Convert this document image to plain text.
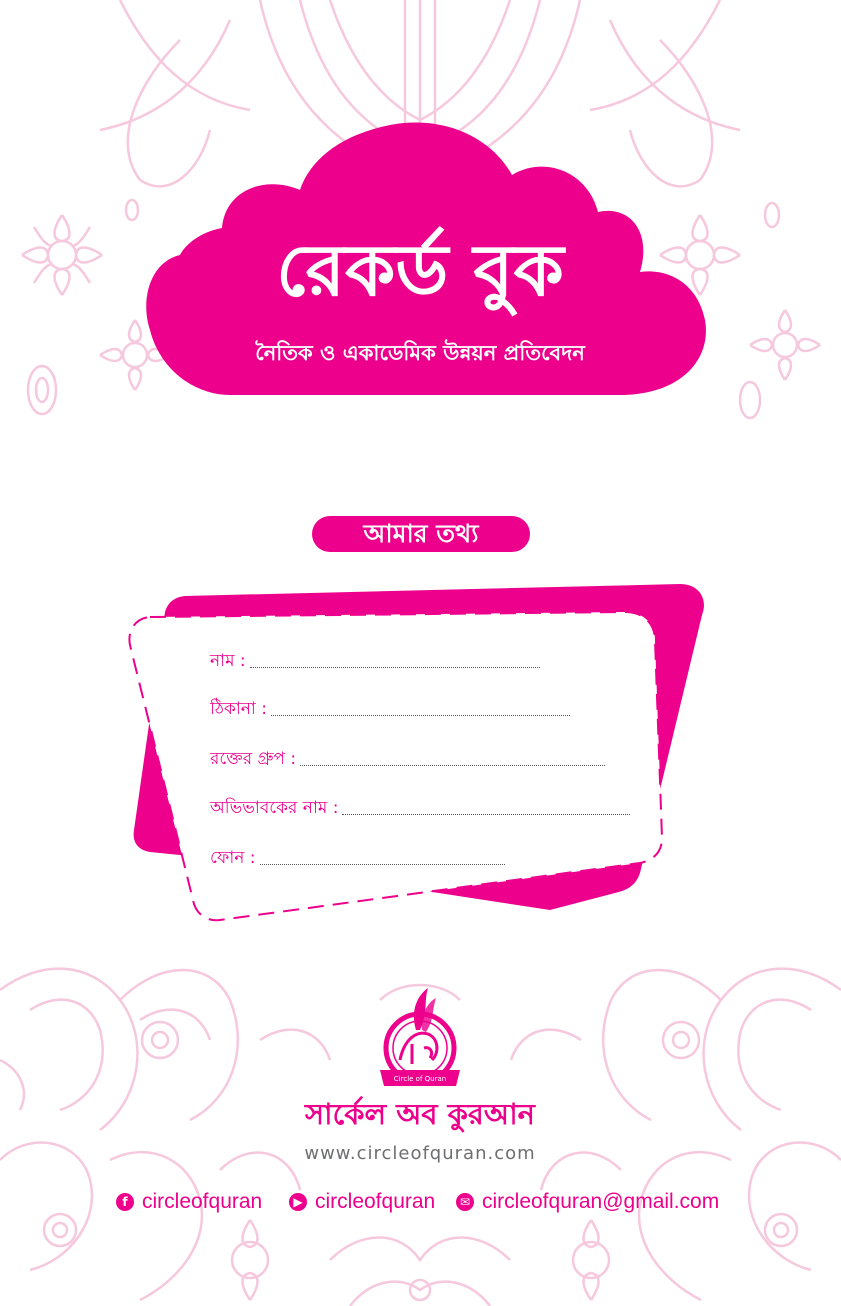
রেকর্ড বুক
নৈতিক ও একাডেমিক উন্নয়ন প্রতিবেদন
আমার তথ্য
নাম :
ঠিকানা :
রক্তের গ্রুপ :
অভিভাবকের নাম :
ফোন :
Circle of Quran
সার্কেল অব কুরআন
www.circleofquran.com
f circleofquran	▶ circleofquran	✉ circleofquran@gmail.com
